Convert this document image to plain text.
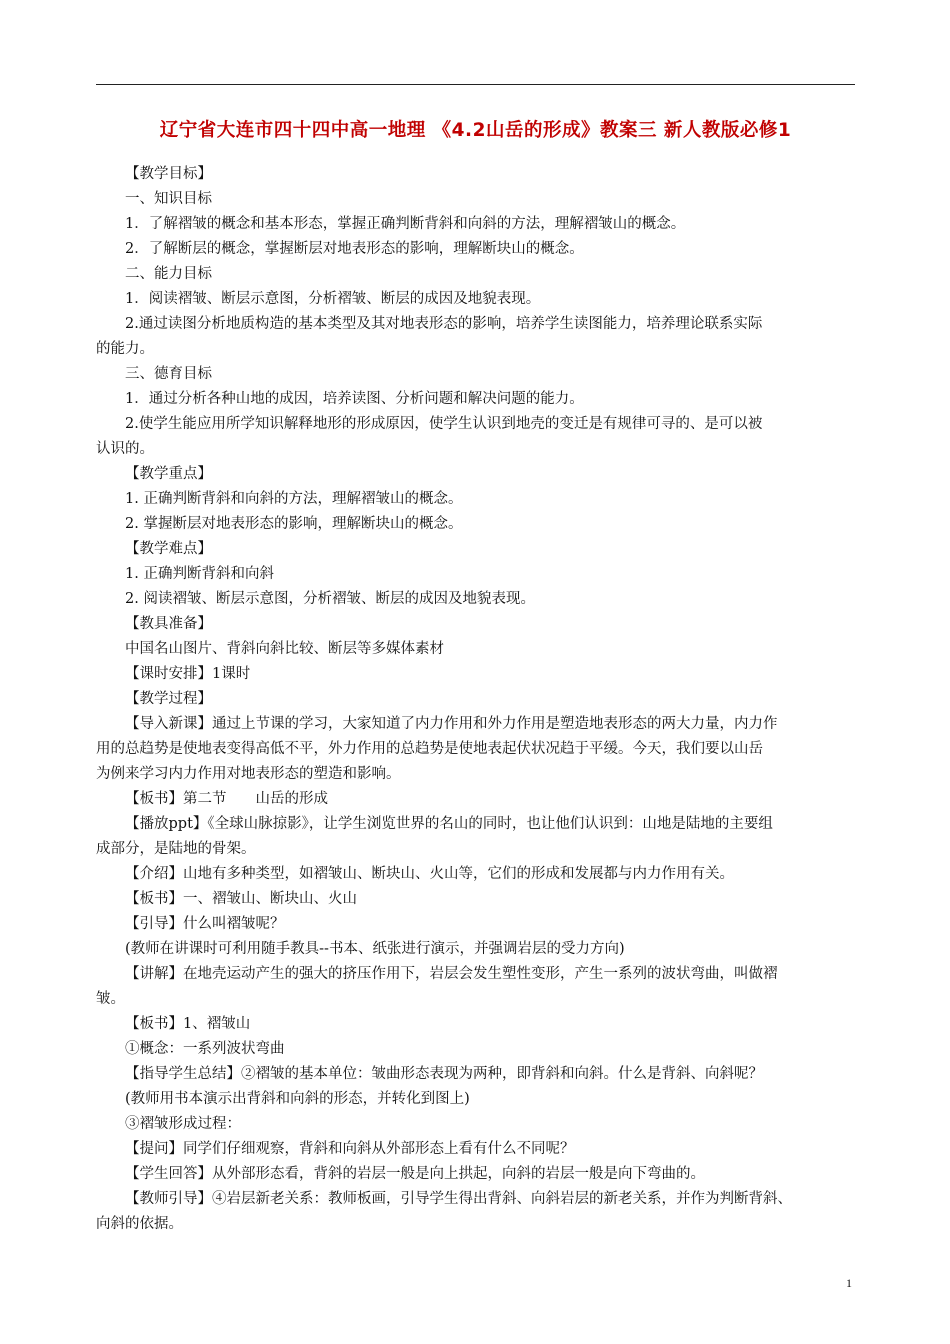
辽宁省大连市四十四中高一地理 《4.2山岳的形成》教案三 新人教版必修1
【教学目标】
一、知识目标
1．了解褶皱的概念和基本形态，掌握正确判断背斜和向斜的方法，理解褶皱山的概念。
2．了解断层的概念，掌握断层对地表形态的影响，理解断块山的概念。
二、能力目标
1．阅读褶皱、断层示意图，分析褶皱、断层的成因及地貌表现。
2.通过读图分析地质构造的基本类型及其对地表形态的影响，培养学生读图能力，培养理论联系实际
的能力。
三、德育目标
1．通过分析各种山地的成因，培养读图、分析问题和解决问题的能力。
2.使学生能应用所学知识解释地形的形成原因，使学生认识到地壳的变迁是有规律可寻的、是可以被
认识的。
【教学重点】
1. 正确判断背斜和向斜的方法，理解褶皱山的概念。
2. 掌握断层对地表形态的影响，理解断块山的概念。
【教学难点】
1. 正确判断背斜和向斜
2. 阅读褶皱、断层示意图，分析褶皱、断层的成因及地貌表现。
【教具准备】
中国名山图片、背斜向斜比较、断层等多媒体素材
【课时安排】1课时
【教学过程】
【导入新课】通过上节课的学习，大家知道了内力作用和外力作用是塑造地表形态的两大力量，内力作
用的总趋势是使地表变得高低不平，外力作用的总趋势是使地表起伏状况趋于平缓。今天，我们要以山岳
为例来学习内力作用对地表形态的塑造和影响。
【板书】第二节　　山岳的形成
【播放ppt】《全球山脉掠影》，让学生浏览世界的名山的同时，也让他们认识到：山地是陆地的主要组
成部分，是陆地的骨架。
【介绍】山地有多种类型，如褶皱山、断块山、火山等，它们的形成和发展都与内力作用有关。
【板书】一、褶皱山、断块山、火山
【引导】什么叫褶皱呢？
(教师在讲课时可利用随手教具--书本、纸张进行演示，并强调岩层的受力方向)
【讲解】在地壳运动产生的强大的挤压作用下，岩层会发生塑性变形，产生一系列的波状弯曲，叫做褶
皱。
【板书】1、褶皱山
①概念：一系列波状弯曲
【指导学生总结】②褶皱的基本单位：皱曲形态表现为两种，即背斜和向斜。什么是背斜、向斜呢？
(教师用书本演示出背斜和向斜的形态，并转化到图上)
③褶皱形成过程：
【提问】同学们仔细观察，背斜和向斜从外部形态上看有什么不同呢？
【学生回答】从外部形态看，背斜的岩层一般是向上拱起，向斜的岩层一般是向下弯曲的。
【教师引导】④岩层新老关系：教师板画，引导学生得出背斜、向斜岩层的新老关系，并作为判断背斜、
向斜的依据。
1
